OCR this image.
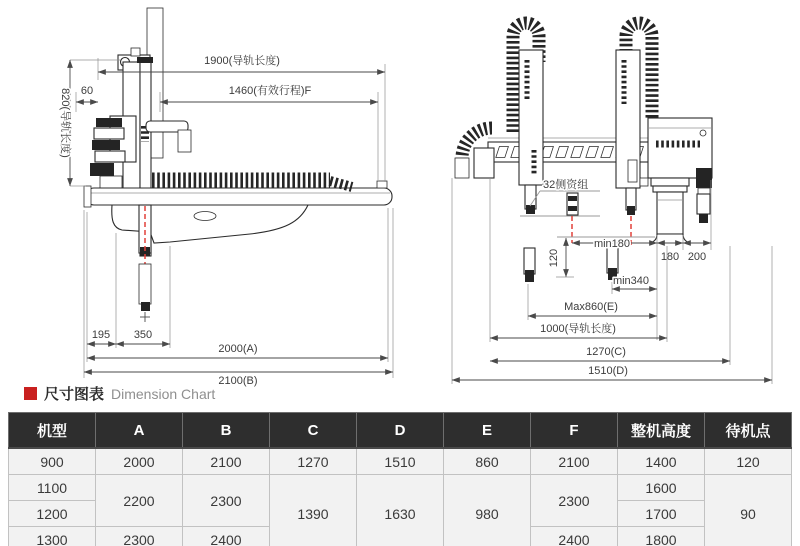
1900(导轨长度)
1460(有效行程)F
60
820(导轨长度)
195 350
2000(A)
2100(B)
32侧资组
120
min180
180 200
min340
Max860(E)
1000(导轨长度)
1270(C)
1510(D)
尺寸图表 Dimension Chart
机型	A	B	C	D	E	F	整机高度	待机点
900	2000	2100	1270	1510	860	2100	1400	120
1100	2200	2300	1390	1630	980	2300	1600	90
1200							1700	
1300	2300	2400				2400	1800	
